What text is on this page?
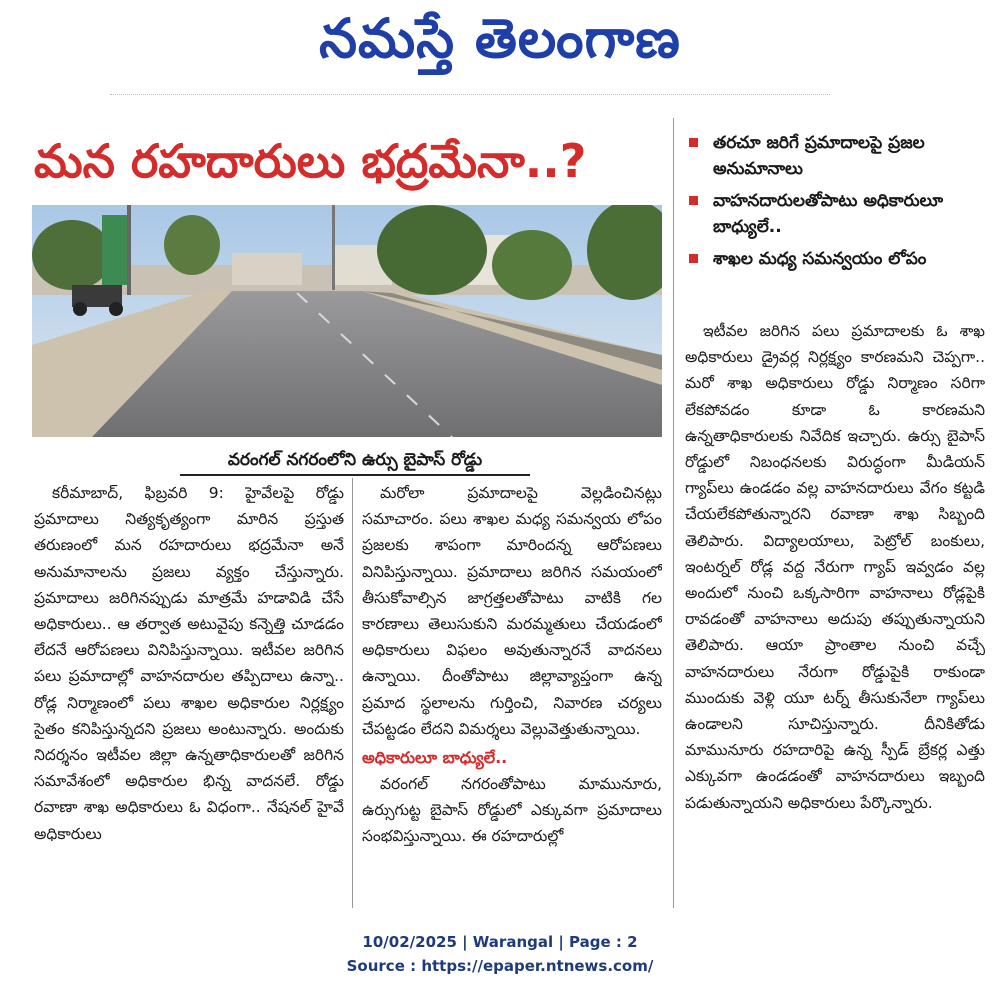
నమస్తే తెలంగాణ
మన రహదారులు భద్రమేనా..?	తరచూ జరిగే ప్రమాదాలపై ప్రజల అనుమానాలు
వాహనదారులతోపాటు అధికారులూ బాధ్యులే..
శాఖల మధ్య సమన్వయం లోపం
వరంగల్ నగరంలోని ఉర్సు బైపాస్ రోడ్డు

కరీమాబాద్, ఫిబ్రవరి 9: హైవేలపై రోడ్డు ప్రమాదాలు నిత్యకృత్యంగా మారిన ప్రస్తుత తరుణంలో మన రహదారులు భద్రమేనా అనే అనుమానాలను ప్రజలు వ్యక్తం చేస్తున్నారు. ప్రమాదాలు జరిగినప్పుడు మాత్రమే హడావిడి చేసే అధికారులు.. ఆ తర్వాత అటువైపు కన్నెత్తి చూడడం లేదనే ఆరోపణలు వినిపిస్తున్నాయి. ఇటీవల జరిగిన పలు ప్రమాదాల్లో వాహనదారుల తప్పిదాలు ఉన్నా.. రోడ్ల నిర్మాణంలో పలు శాఖల అధికారుల నిర్లక్ష్యం సైతం కనిపిస్తున్నదని ప్రజలు అంటున్నారు. అందుకు నిదర్శనం ఇటీవల జిల్లా ఉన్నతాధికారులతో జరిగిన సమావేశంలో అధికారుల భిన్న వాదనలే. రోడ్డు రవాణా శాఖ అధికారులు ఓ విధంగా.. నేషనల్ హైవే అధికారులు

మరోలా ప్రమాదాలపై వెల్లడించినట్లు సమాచారం. పలు శాఖల మధ్య సమన్వయ లోపం ప్రజలకు శాపంగా మారిందన్న ఆరోపణలు వినిపిస్తున్నాయి. ప్రమాదాలు జరిగిన సమయంలో తీసుకోవాల్సిన జాగ్రత్తలతోపాటు వాటికి గల కారణాలు తెలుసుకుని మరమ్మతులు చేయడంలో అధికారులు విఫలం అవుతున్నారనే వాదనలు ఉన్నాయి. దీంతోపాటు జిల్లావ్యాప్తంగా ఉన్న ప్రమాద స్థలాలను గుర్తించి, నివారణ చర్యలు చేపట్టడం లేదని విమర్శలు వెల్లువెత్తుతున్నాయి.

అధికారులూ బాధ్యులే..

వరంగల్ నగరంతోపాటు మామునూరు, ఉర్సుగుట్ట బైపాస్ రోడ్డులో ఎక్కువగా ప్రమాదాలు సంభవిస్తున్నాయి. ఈ రహదారుల్లో

ఇటీవల జరిగిన పలు ప్రమాదాలకు ఓ శాఖ అధికారులు డ్రైవర్ల నిర్లక్ష్యం కారణమని చెప్పగా.. మరో శాఖ అధికారులు రోడ్డు నిర్మాణం సరిగా లేకపోవడం కూడా ఓ కారణమని ఉన్నతాధికారులకు నివేదిక ఇచ్చారు. ఉర్సు బైపాస్ రోడ్డులో నిబంధనలకు విరుద్ధంగా మీడియన్ గ్యాప్‌లు ఉండడం వల్ల వాహనదారులు వేగం కట్టడి చేయలేకపోతున్నారని రవాణా శాఖ సిబ్బంది తెలిపారు. విద్యాలయాలు, పెట్రోల్ బంకులు, ఇంటర్నల్ రోడ్ల వద్ద నేరుగా గ్యాప్ ఇవ్వడం వల్ల అందులో నుంచి ఒక్కసారిగా వాహనాలు రోడ్లపైకి రావడంతో వాహనాలు అదుపు తప్పుతున్నాయని తెలిపారు. ఆయా ప్రాంతాల నుంచి వచ్చే వాహనదారులు నేరుగా రోడ్డుపైకి రాకుండా ముందుకు వెళ్లి యూ టర్న్ తీసుకునేలా గ్యాప్‌లు ఉండాలని సూచిస్తున్నారు. దీనికితోడు మామునూరు రహదారిపై ఉన్న స్పీడ్ బ్రేకర్ల ఎత్తు ఎక్కువగా ఉండడంతో వాహనదారులు ఇబ్బంది పడుతున్నాయని అధికారులు పేర్కొన్నారు.

10/02/2025 | Warangal | Page : 2
Source : https://epaper.ntnews.com/
